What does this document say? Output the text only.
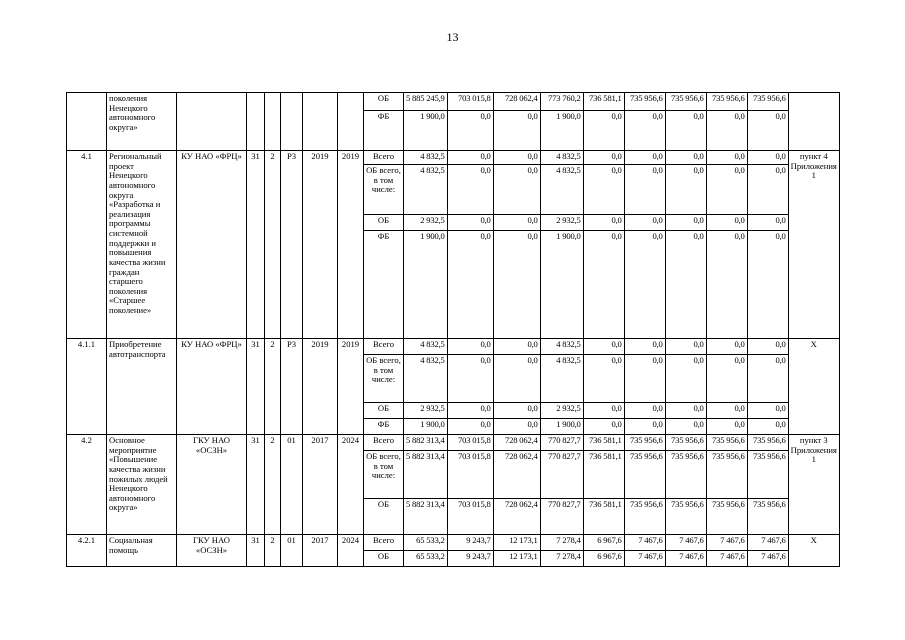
13
	поколения Ненецкого автономного округа»							ОБ	5 885 245,9	703 015,8	728 062,4	773 760,2	736 581,1	735 956,6	735 956,6	735 956,6	735 956,6	
								ФБ	1 900,0	0,0	0,0	1 900,0	0,0	0,0	0,0	0,0	0,0	
4.1	Региональный проект Ненецкого автономного округа «Разработка и реализация программы системной поддержки и повышения качества жизни граждан старшего поколения «Старшее поколение»	КУ НАО «ФРЦ»	31	2	Р3	2019	2019	Всего	4 832,5	0,0	0,0	4 832,5	0,0	0,0	0,0	0,0	0,0	пункт 4 Приложения 1
								ОБ всего, в том числе:	4 832,5	0,0	0,0	4 832,5	0,0	0,0	0,0	0,0	0,0	
								ОБ	2 932,5	0,0	0,0	2 932,5	0,0	0,0	0,0	0,0	0,0	
								ФБ	1 900,0	0,0	0,0	1 900,0	0,0	0,0	0,0	0,0	0,0	
4.1.1	Приобретение автотранспорта	КУ НАО «ФРЦ»	31	2	Р3	2019	2019	Всего	4 832,5	0,0	0,0	4 832,5	0,0	0,0	0,0	0,0	0,0	Х
								ОБ всего, в том числе:	4 832,5	0,0	0,0	4 832,5	0,0	0,0	0,0	0,0	0,0	
								ОБ	2 932,5	0,0	0,0	2 932,5	0,0	0,0	0,0	0,0	0,0	
								ФБ	1 900,0	0,0	0,0	1 900,0	0,0	0,0	0,0	0,0	0,0	
4.2	Основное мероприятие «Повышение качества жизни пожилых людей Ненецкого автономного округа»	ГКУ НАО «ОСЗН»	31	2	01	2017	2024	Всего	5 882 313,4	703 015,8	728 062,4	770 827,7	736 581,1	735 956,6	735 956,6	735 956,6	735 956,6	пункт 3 Приложения 1
								ОБ всего, в том числе:	5 882 313,4	703 015,8	728 062,4	770 827,7	736 581,1	735 956,6	735 956,6	735 956,6	735 956,6	
								ОБ	5 882 313,4	703 015,8	728 062,4	770 827,7	736 581,1	735 956,6	735 956,6	735 956,6	735 956,6	
4.2.1	Социальная помощь	ГКУ НАО «ОСЗН»	31	2	01	2017	2024	Всего	65 533,2	9 243,7	12 173,1	7 278,4	6 967,6	7 467,6	7 467,6	7 467,6	7 467,6	Х
								ОБ	65 533,2	9 243,7	12 173,1	7 278,4	6 967,6	7 467,6	7 467,6	7 467,6	7 467,6	
